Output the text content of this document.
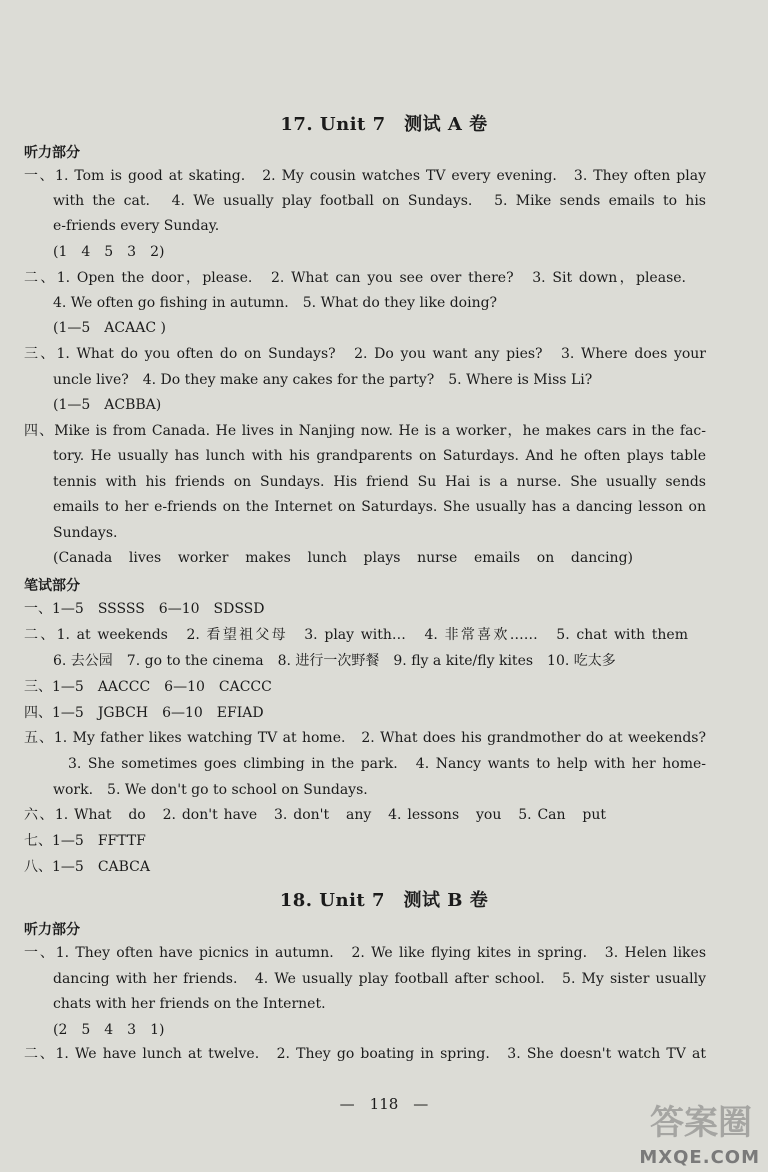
17. Unit 7　测试 A 卷
听力部分
一、1. Tom is good at skating.　2. My cousin watches TV every evening.　3. They often play
with the cat.　4. We usually play football on Sundays.　5. Mike sends emails to his
e-friends every Sunday.
(1　4　5　3　2)
二、1. Open the door，please.　2. What can you see over there?　3. Sit down，please.
4. We often go fishing in autumn.　5. What do they like doing?
(1—5　ACAAC )
三、1. What do you often do on Sundays?　2. Do you want any pies?　3. Where does your
uncle live?　4. Do they make any cakes for the party?　5. Where is Miss Li?
(1—5　ACBBA)
四、Mike is from Canada. He lives in Nanjing now. He is a worker，he makes cars in the fac-
tory. He usually has lunch with his grandparents on Saturdays. And he often plays table
tennis with his friends on Sundays. His friend Su Hai is a nurse. She usually sends
emails to her e-friends on the Internet on Saturdays. She usually has a dancing lesson on
Sundays.
(Canada　lives　worker　makes　lunch　plays　nurse　emails　on　dancing)
笔试部分
一、1—5　SSSSS　6—10　SDSSD
二、1. at weekends　2. 看望祖父母　3. play with…　4. 非常喜欢……　5. chat with them
6. 去公园　7. go to the cinema　8. 进行一次野餐　9. fly a kite/fly kites　10. 吃太多
三、1—5　AACCC　6—10　CACCC
四、1—5　JGBCH　6—10　EFIAD
五、1. My father likes watching TV at home.　2. What does his grandmother do at weekends?
3. She sometimes goes climbing in the park.　4. Nancy wants to help with her home-
work.　5. We don't go to school on Sundays.
六、1. What　do　2. don't have　3. don't　any　4. lessons　you　5. Can　put
七、1—5　FFTTF
八、1—5　CABCA
18. Unit 7　测试 B 卷
听力部分
一、1. They often have picnics in autumn.　2. We like flying kites in spring.　3. Helen likes
dancing with her friends.　4. We usually play football after school.　5. My sister usually
chats with her friends on the Internet.
(2　5　4　3　1)
二、1. We have lunch at twelve.　2. They go boating in spring.　3. She doesn't watch TV at
—　118　—	答案圈
MXQE.COM
